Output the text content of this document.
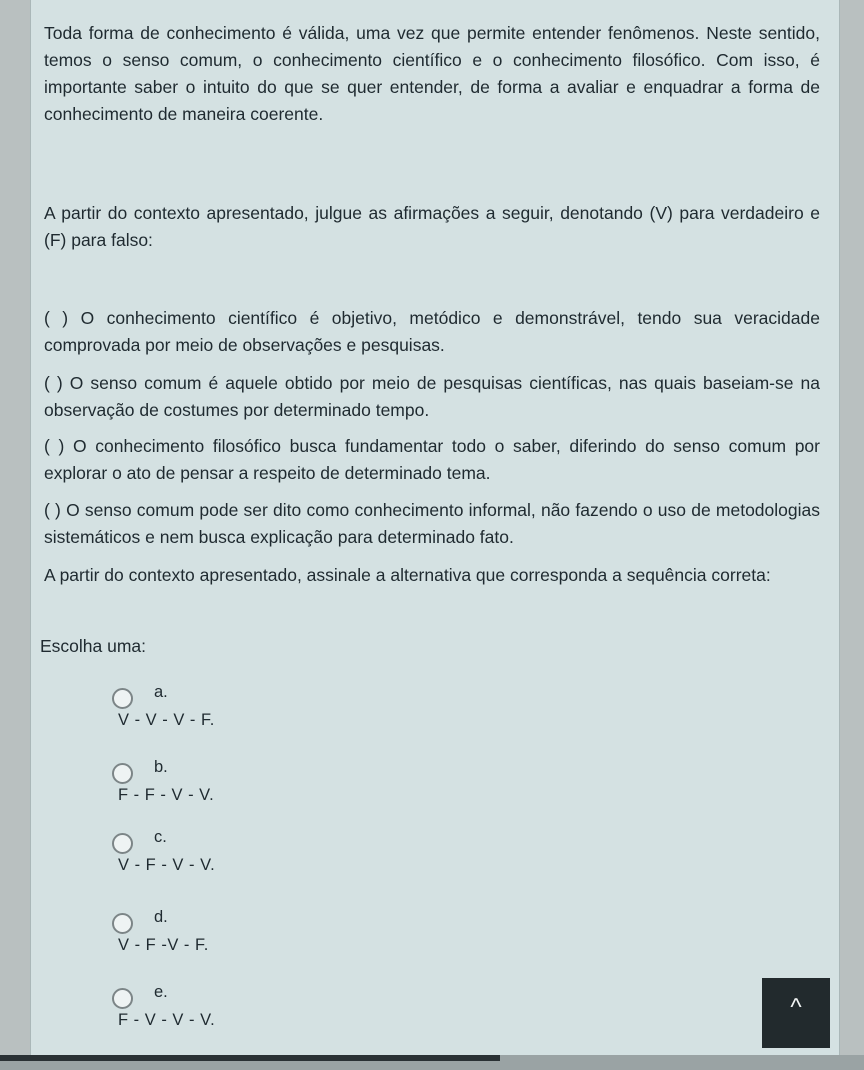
Toda forma de conhecimento é válida, uma vez que permite entender fenômenos. Neste sentido, temos o senso comum, o conhecimento científico e o conhecimento filosófico. Com isso, é importante saber o intuito do que se quer entender, de forma a avaliar e enquadrar a forma de conhecimento de maneira coerente.
A partir do contexto apresentado, julgue as afirmações a seguir, denotando (V) para verdadeiro e (F) para falso:
( ) O conhecimento científico é objetivo, metódico e demonstrável, tendo sua veracidade comprovada por meio de observações e pesquisas.
( ) O senso comum é aquele obtido por meio de pesquisas científicas, nas quais baseiam-se na observação de costumes por determinado tempo.
( ) O conhecimento filosófico busca fundamentar todo o saber, diferindo do senso comum por explorar o ato de pensar a respeito de determinado tema.
( ) O senso comum pode ser dito como conhecimento informal, não fazendo o uso de metodologias sistemáticos e nem busca explicação para determinado fato.
A partir do contexto apresentado, assinale a alternativa que corresponda a sequência correta:
Escolha uma:
a.
V - V - V - F.
b.
F - F - V - V.
c.
V - F - V - V.
d.
V - F -V - F.
e.
F - V - V - V.	^
